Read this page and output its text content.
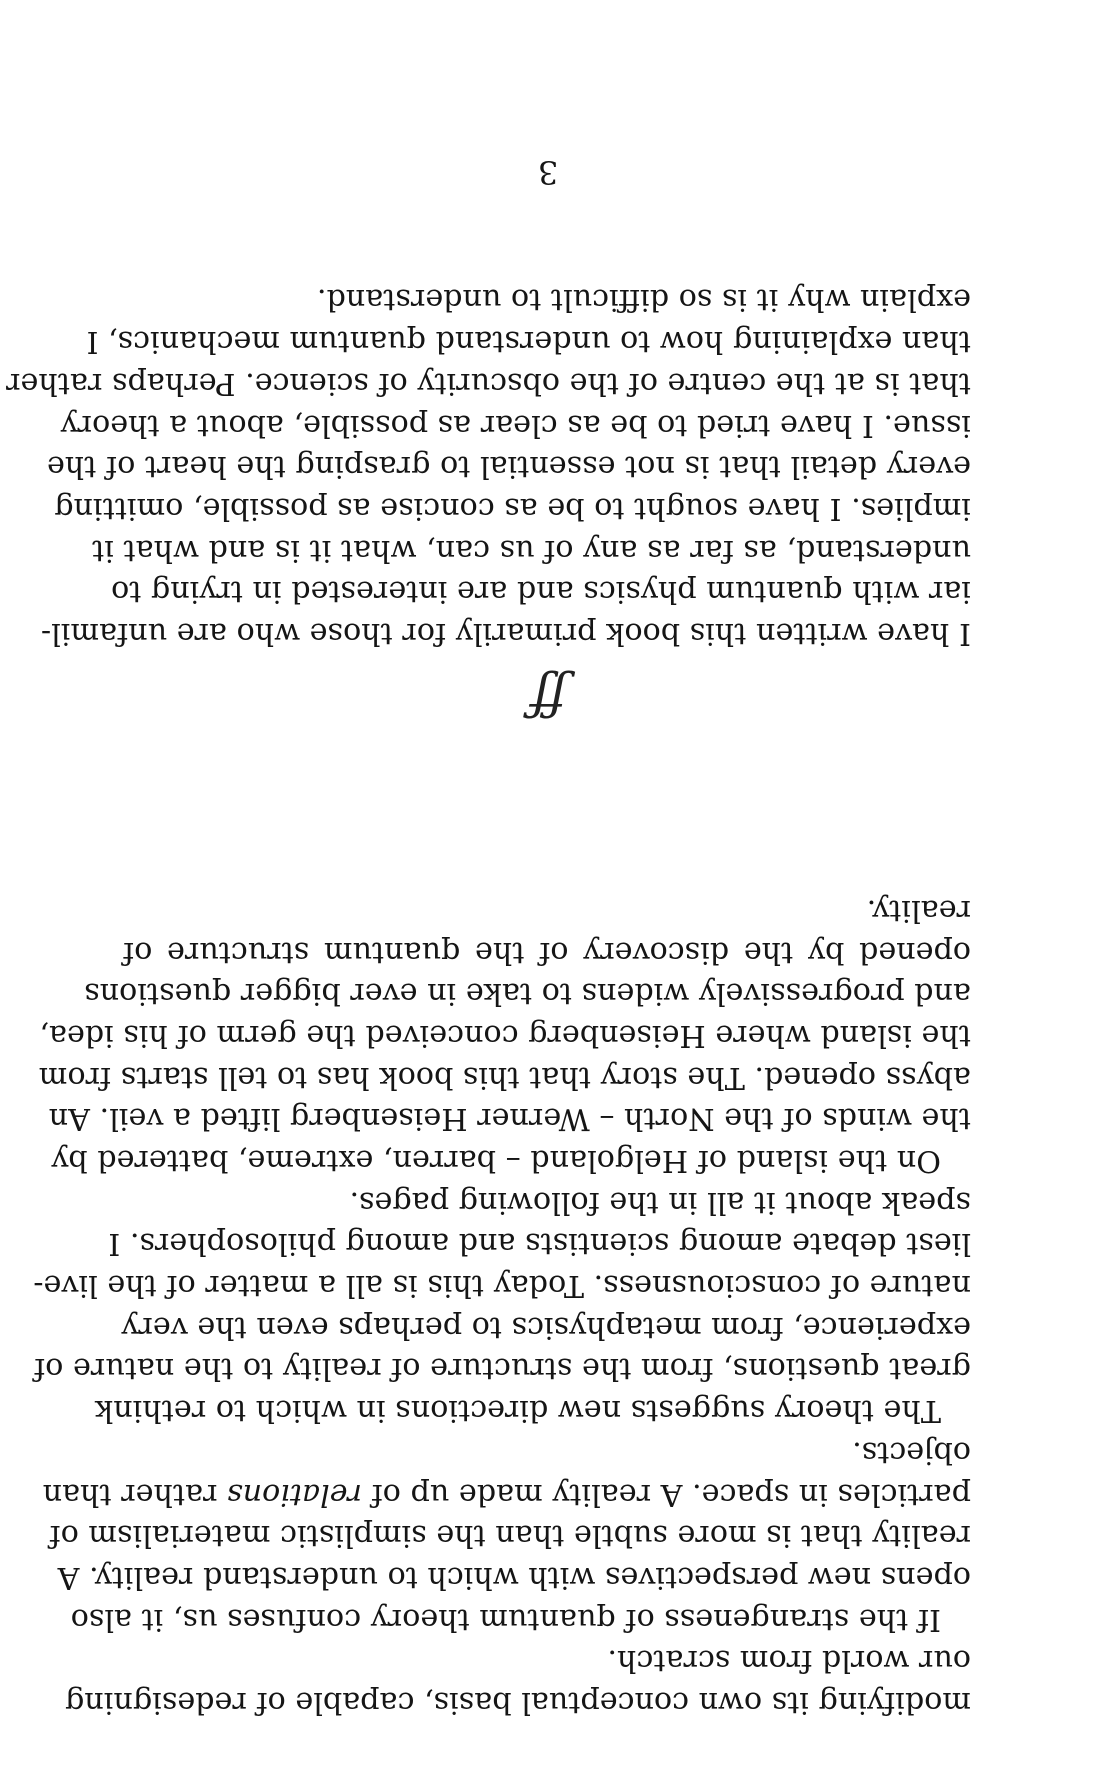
modifying its own conceptual basis, capable of redesigning
our world from scratch.
If the strangeness of quantum theory confuses us, it also
opens new perspectives with which to understand reality. A
reality that is more subtle than the simplistic materialism of
particles in space. A reality made up of relations rather than
objects.
The theory suggests new directions in which to rethink
great questions, from the structure of reality to the nature of
experience, from metaphysics to perhaps even the very
nature of consciousness. Today this is all a matter of the live-
liest debate among scientists and among philosophers. I
speak about it all in the following pages.
On the island of Helgoland – barren, extreme, battered by
the winds of the North – Werner Heisenberg lifted a veil. An
abyss opened. The story that this book has to tell starts from
the island where Heisenberg conceived the germ of his idea,
and progressively widens to take in ever bigger questions
opened by the discovery of the quantum structure of
reality.
ƒƒ
I have written this book primarily for those who are unfamil-
iar with quantum physics and are interested in trying to
understand, as far as any of us can, what it is and what it
implies. I have sought to be as concise as possible, omitting
every detail that is not essential to grasping the heart of the
issue. I have tried to be as clear as possible, about a theory
that is at the centre of the obscurity of science. Perhaps rather
than explaining how to understand quantum mechanics, I
explain why it is so difficult to understand.
3
